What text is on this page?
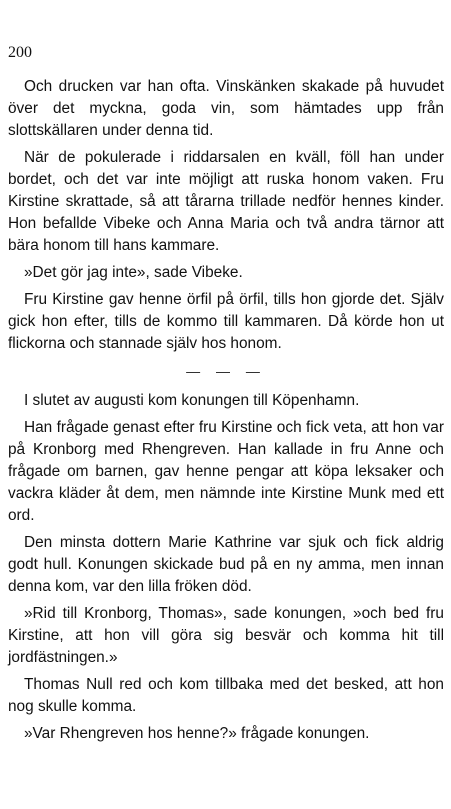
200

Och drucken var han ofta. Vinskänken skakade på huvudet över det myckna, goda vin, som hämtades upp från slottskällaren under denna tid.

När de pokulerade i riddarsalen en kväll, föll han under bordet, och det var inte möjligt att ruska honom vaken. Fru Kirstine skrattade, så att tårarna trillade nedför hennes kinder. Hon befallde Vibeke och Anna Maria och två andra tärnor att bära honom till hans kammare.

»Det gör jag inte», sade Vibeke.

Fru Kirstine gav henne örfil på örfil, tills hon gjorde det. Själv gick hon efter, tills de kommo till kammaren. Då körde hon ut flickorna och stannade själv hos honom.

— — —

I slutet av augusti kom konungen till Köpenhamn.

Han frågade genast efter fru Kirstine och fick veta, att hon var på Kronborg med Rhengreven. Han kallade in fru Anne och frågade om barnen, gav henne pengar att köpa leksaker och vackra kläder åt dem, men nämnde inte Kirstine Munk med ett ord.

Den minsta dottern Marie Kathrine var sjuk och fick aldrig godt hull. Konungen skickade bud på en ny amma, men innan denna kom, var den lilla fröken död.

»Rid till Kronborg, Thomas», sade konungen, »och bed fru Kirstine, att hon vill göra sig besvär och komma hit till jordfästningen.»

Thomas Null red och kom tillbaka med det besked, att hon nog skulle komma.

»Var Rhengreven hos henne?» frågade konungen.
